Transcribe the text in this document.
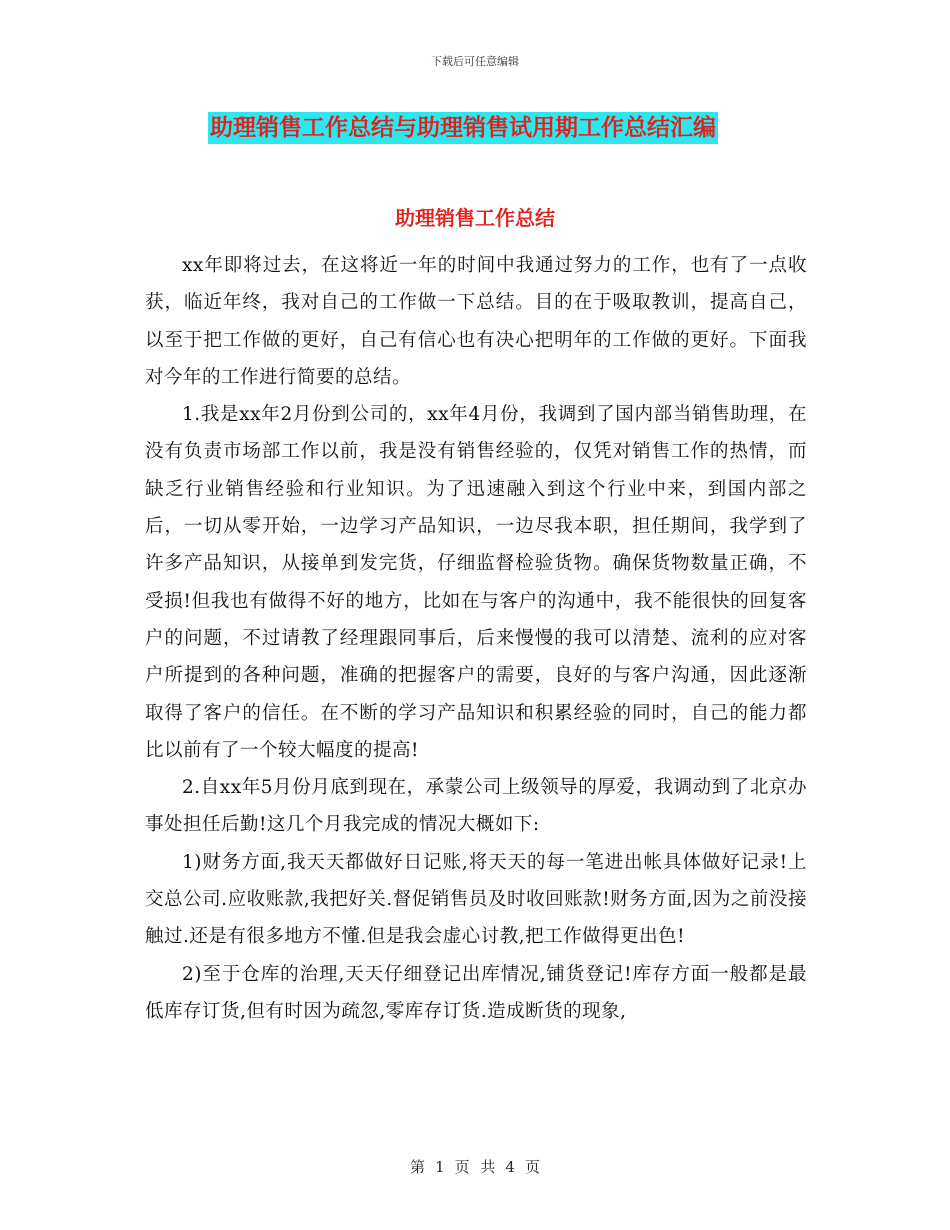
下载后可任意编辑
助理销售工作总结与助理销售试用期工作总结汇编
助理销售工作总结

xx年即将过去，在这将近一年的时间中我通过努力的工作，也有了一点收获，临近年终，我对自己的工作做一下总结。目的在于吸取教训，提高自己，以至于把工作做的更好，自己有信心也有决心把明年的工作做的更好。下面我对今年的工作进行简要的总结。

1.我是xx年2月份到公司的，xx年4月份，我调到了国内部当销售助理，在没有负责市场部工作以前，我是没有销售经验的，仅凭对销售工作的热情，而缺乏行业销售经验和行业知识。为了迅速融入到这个行业中来，到国内部之后，一切从零开始，一边学习产品知识，一边尽我本职，担任期间，我学到了许多产品知识，从接单到发完货，仔细监督检验货物。确保货物数量正确，不受损!但我也有做得不好的地方，比如在与客户的沟通中，我不能很快的回复客户的问题，不过请教了经理跟同事后，后来慢慢的我可以清楚、流利的应对客户所提到的各种问题，准确的把握客户的需要，良好的与客户沟通，因此逐渐取得了客户的信任。在不断的学习产品知识和积累经验的同时，自己的能力都比以前有了一个较大幅度的提高!

2.自xx年5月份月底到现在，承蒙公司上级领导的厚爱，我调动到了北京办事处担任后勤!这几个月我完成的情况大概如下:

1)财务方面,我天天都做好日记账,将天天的每一笔进出帐具体做好记录!上交总公司.应收账款,我把好关.督促销售员及时收回账款!财务方面,因为之前没接触过.还是有很多地方不懂.但是我会虚心讨教,把工作做得更出色!

2)至于仓库的治理,天天仔细登记出库情况,铺货登记!库存方面一般都是最低库存订货,但有时因为疏忽,零库存订货.造成断货的现象,

第 1 页 共 4 页
